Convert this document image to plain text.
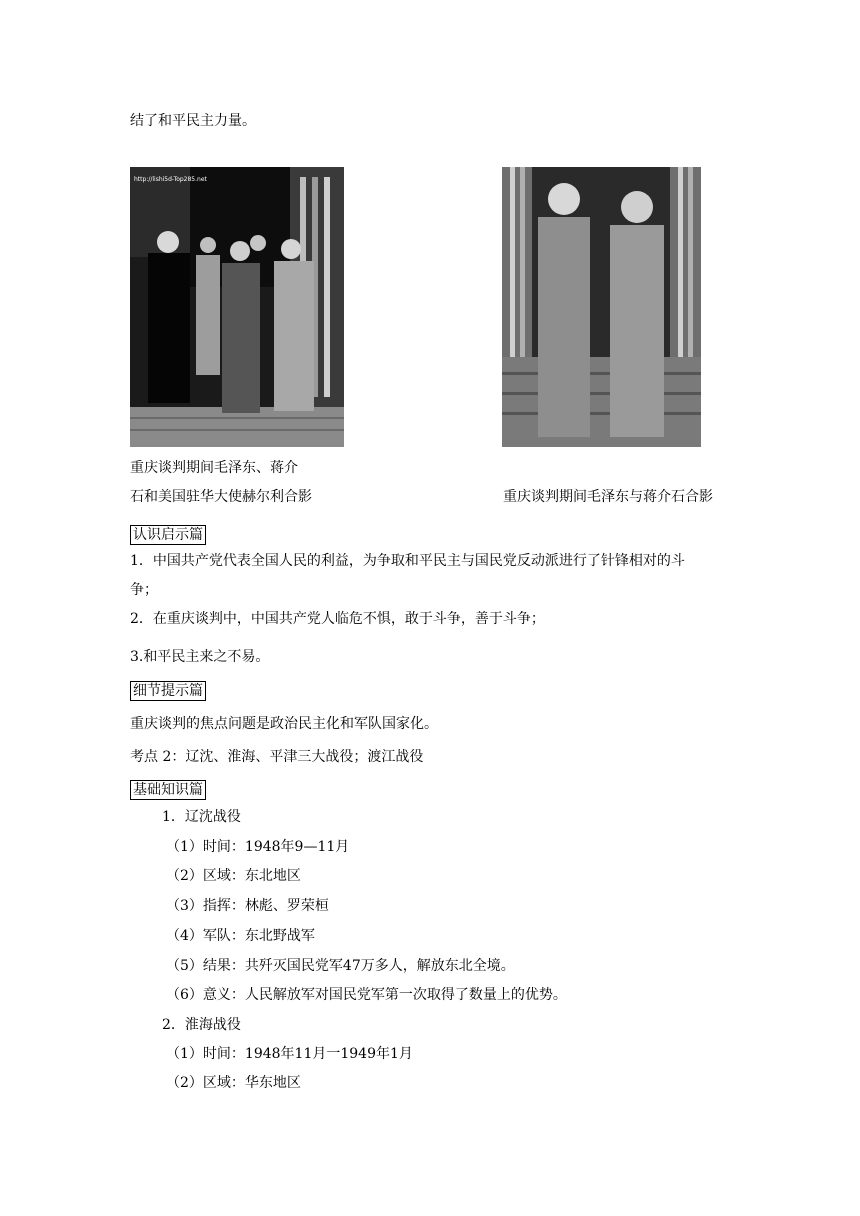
结了和平民主力量。
http://lishi5d-Top285.net
重庆谈判期间毛泽东、蒋介
石和美国驻华大使赫尔利合影	重庆谈判期间毛泽东与蒋介石合影
认识启示篇
1．中国共产党代表全国人民的利益，为争取和平民主与国民党反动派进行了针锋相对的斗
争；
2．在重庆谈判中，中国共产党人临危不惧，敢于斗争，善于斗争；
3.和平民主来之不易。
细节提示篇
重庆谈判的焦点问题是政治民主化和军队国家化。
考点 2：辽沈、淮海、平津三大战役；渡江战役
基础知识篇
1．辽沈战役
（1）时间：1948年9—11月
（2）区域：东北地区
（3）指挥：林彪、罗荣桓
（4）军队：东北野战军
（5）结果：共歼灭国民党军47万多人，解放东北全境。
（6）意义：人民解放军对国民党军第一次取得了数量上的优势。
2．淮海战役
（1）时间：1948年11月一1949年1月
（2）区域：华东地区
